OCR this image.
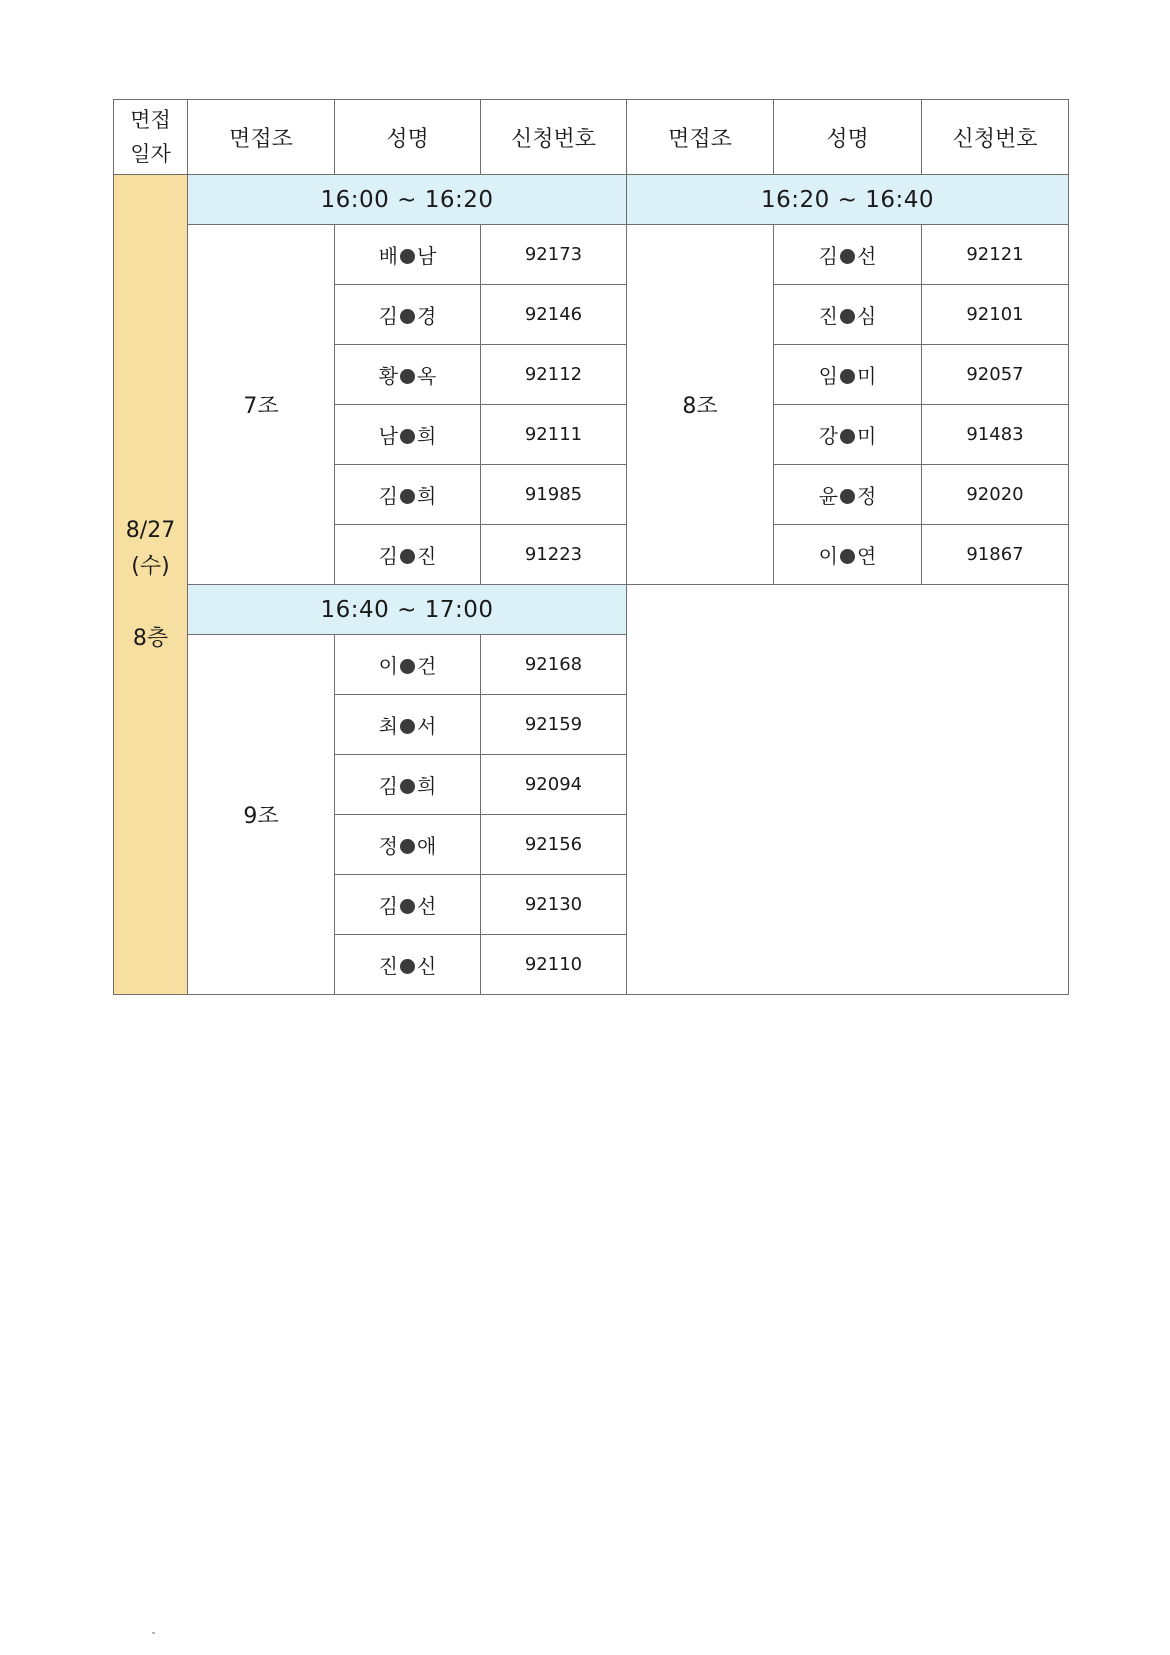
면접
일자	면접조	성명	신청번호	면접조	성명	신청번호
8/27
(수)

8층	16:00 ~ 16:20			16:20 ~ 16:40		
	7조	배 남	92173	8조	김 선	92121
		김 경	92146		진 심	92101
		황 옥	92112		임 미	92057
		남 희	92111		강 미	91483
		김 희	91985		윤 정	92020
		김 진	91223		이 연	91867
	16:40 ~ 17:00					
	9조	이 건	92168			
		최 서	92159			
		김 희	92094			
		정 애	92156			
		김 선	92130			
		진 신	92110			
